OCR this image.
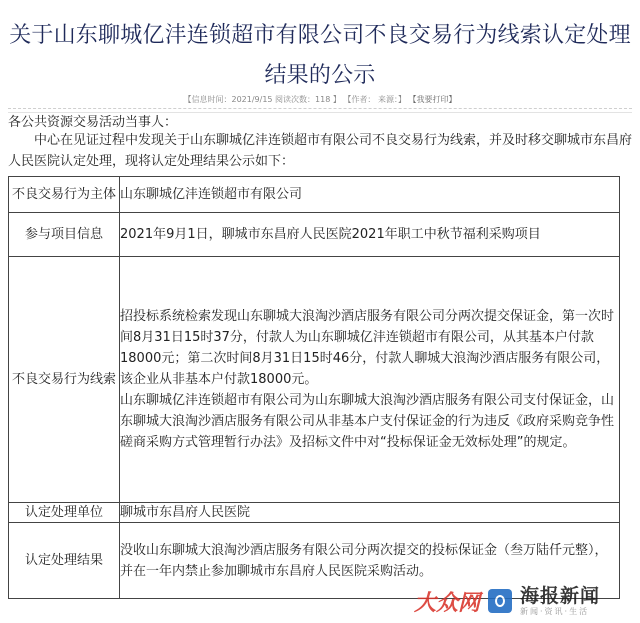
关于山东聊城亿沣连锁超市有限公司不良交易行为线索认定处理结果的公示
【信息时间：2021/9/15 阅读次数：118 】 【作者： 来源：】 【我要打印】
各公共资源交易活动当事人：
中心在见证过程中发现关于山东聊城亿沣连锁超市有限公司不良交易行为线索，并及时移交聊城市东昌府人民医院认定处理，现将认定处理结果公示如下：
不良交易行为主体	山东聊城亿沣连锁超市有限公司
参与项目信息	2021年9月1日，聊城市东昌府人民医院2021年职工中秋节福利采购项目
不良交易行为线索	招投标系统检索发现山东聊城大浪淘沙酒店服务有限公司分两次提交保证金，第一次时间8月31日15时37分，付款人为山东聊城亿沣连锁超市有限公司，从其基本户付款18000元；第二次时间8月31日15时46分，付款人聊城大浪淘沙酒店服务有限公司，该企业从非基本户付款18000元。

山东聊城亿沣连锁超市有限公司为山东聊城大浪淘沙酒店服务有限公司支付保证金，山东聊城大浪淘沙酒店服务有限公司从非基本户支付保证金的行为违反《政府采购竞争性磋商采购方式管理暂行办法》及招标文件中对“投标保证金无效标处理”的规定。

认定处理单位	聊城市东昌府人民医院
认定处理结果	没收山东聊城大浪淘沙酒店服务有限公司分两次提交的投标保证金（叁万陆仟元整），并在一年内禁止参加聊城市东昌府人民医院采购活动。
大众网 海报新闻
新闻·资讯·生活
